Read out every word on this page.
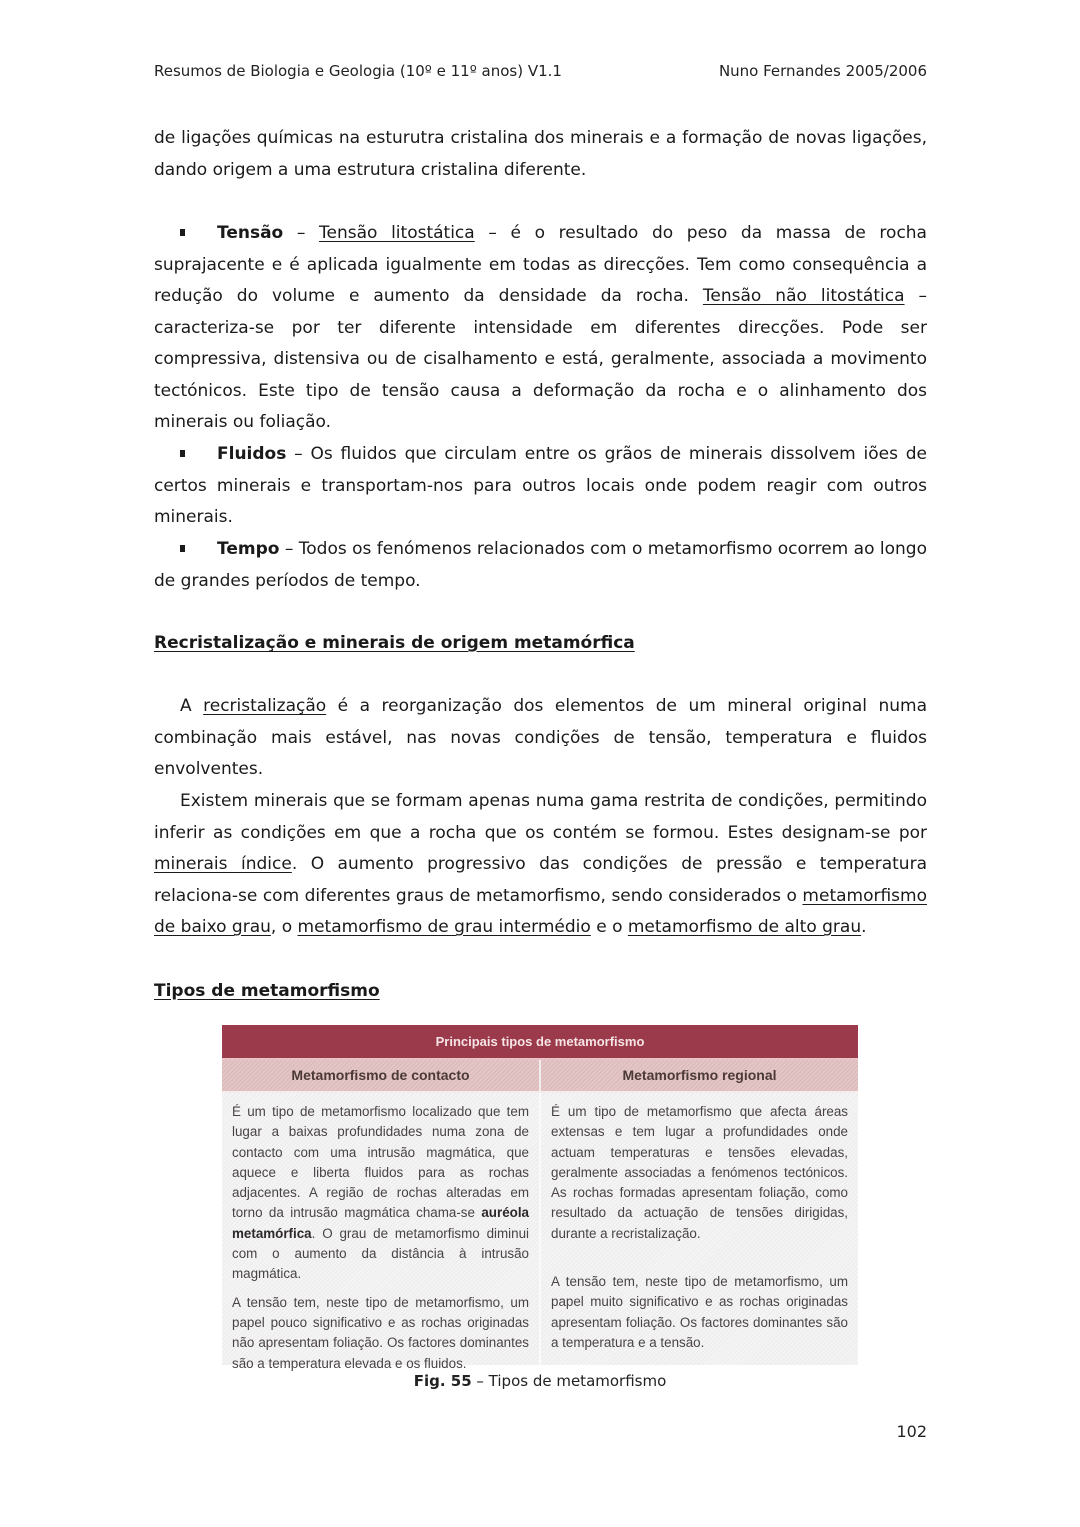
Resumos de Biologia e Geologia (10º e 11º anos) V1.1	Nuno Fernandes 2005/2006

de ligações químicas na esturutra cristalina dos minerais e a formação de novas ligações,

dando origem a uma estrutura cristalina diferente.

Tensão – Tensão litostática – é o resultado do peso da massa de rocha suprajacente e é aplicada igualmente em todas as direcções. Tem como consequência a redução do volume e aumento da densidade da rocha. Tensão não litostática – caracteriza-se por ter diferente intensidade em diferentes direcções. Pode ser compressiva, distensiva ou de cisalhamento e está, geralmente, associada a movimento tectónicos. Este tipo de tensão causa a deformação da rocha e o alinhamento dos minerais ou foliação.

Fluidos – Os fluidos que circulam entre os grãos de minerais dissolvem iões de certos minerais e transportam-nos para outros locais onde podem reagir com outros minerais.

Tempo – Todos os fenómenos relacionados com o metamorfismo ocorrem ao longo de grandes períodos de tempo.

Recristalização e minerais de origem metamórfica

A recristalização é a reorganização dos elementos de um mineral original numa combinação mais estável, nas novas condições de tensão, temperatura e fluidos envolventes.

Existem minerais que se formam apenas numa gama restrita de condições, permitindo inferir as condições em que a rocha que os contém se formou. Estes designam-se por minerais índice. O aumento progressivo das condições de pressão e temperatura relaciona-se com diferentes graus de metamorfismo, sendo considerados o metamorfismo de baixo grau, o metamorfismo de grau intermédio e o metamorfismo de alto grau.

Tipos de metamorfismo

Principais tipos de metamorfismo
Metamorfismo de contacto	Metamorfismo regional

É um tipo de metamorfismo localizado que tem lugar a baixas profundidades numa zona de contacto com uma intrusão magmática, que aquece e liberta fluidos para as rochas adjacentes. A região de rochas alteradas em torno da intrusão magmática chama-se auréola metamórfica. O grau de metamorfismo diminui com o aumento da distância à intrusão magmática.

A tensão tem, neste tipo de metamorfismo, um papel pouco significativo e as rochas originadas não apresentam foliação. Os factores dominantes são a temperatura elevada e os fluidos.

É um tipo de metamorfismo que afecta áreas extensas e tem lugar a profundidades onde actuam temperaturas e tensões elevadas, geralmente associadas a fenómenos tectónicos. As rochas formadas apresentam foliação, como resultado da actuação de tensões dirigidas, durante a recristalização.

A tensão tem, neste tipo de metamorfismo, um papel muito significativo e as rochas originadas apresentam foliação. Os factores dominantes são a temperatura e a tensão.

Fig. 55 – Tipos de metamorfismo
102
